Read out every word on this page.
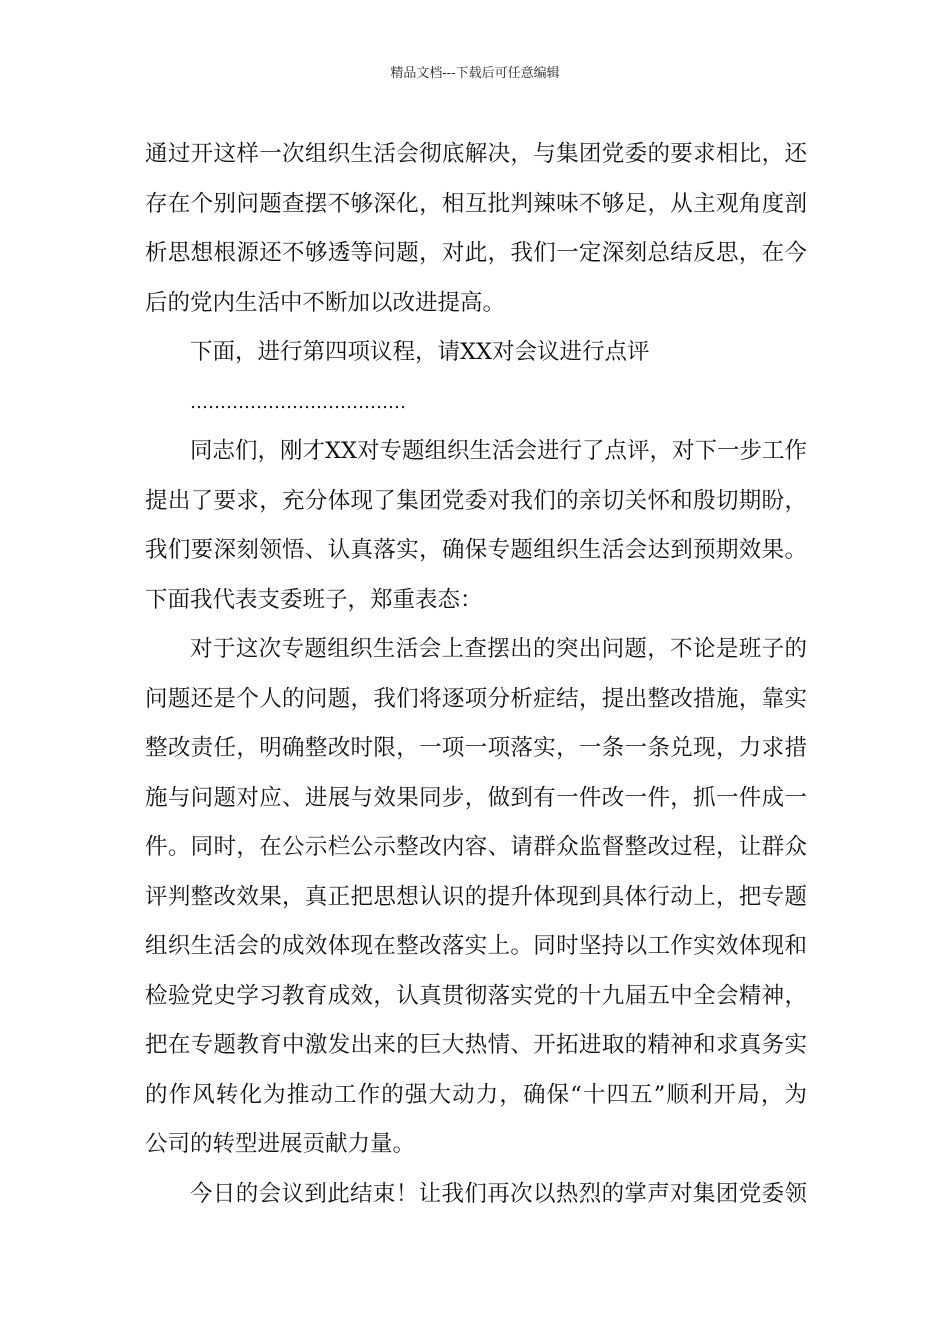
精品文档---下载后可任意编辑
通过开这样一次组织生活会彻底解决，与集团党委的要求相比，还
存在个别问题查摆不够深化，相互批判辣味不够足，从主观角度剖
析思想根源还不够透等问题，对此，我们一定深刻总结反思，在今
后的党内生活中不断加以改进提高。
下面，进行第四项议程，请XX对会议进行点评
………………………………
同志们，刚才XX对专题组织生活会进行了点评，对下一步工作
提出了要求，充分体现了集团党委对我们的亲切关怀和殷切期盼，
我们要深刻领悟、认真落实，确保专题组织生活会达到预期效果。
下面我代表支委班子，郑重表态：
对于这次专题组织生活会上查摆出的突出问题，不论是班子的
问题还是个人的问题，我们将逐项分析症结，提出整改措施，靠实
整改责任，明确整改时限，一项一项落实，一条一条兑现，力求措
施与问题对应、进展与效果同步，做到有一件改一件，抓一件成一
件。同时，在公示栏公示整改内容、请群众监督整改过程，让群众
评判整改效果，真正把思想认识的提升体现到具体行动上，把专题
组织生活会的成效体现在整改落实上。同时坚持以工作实效体现和
检验党史学习教育成效，认真贯彻落实党的十九届五中全会精神，
把在专题教育中激发出来的巨大热情、开拓进取的精神和求真务实
的作风转化为推动工作的强大动力，确保“十四五”顺利开局，为
公司的转型进展贡献力量。
今日的会议到此结束！让我们再次以热烈的掌声对集团党委领
